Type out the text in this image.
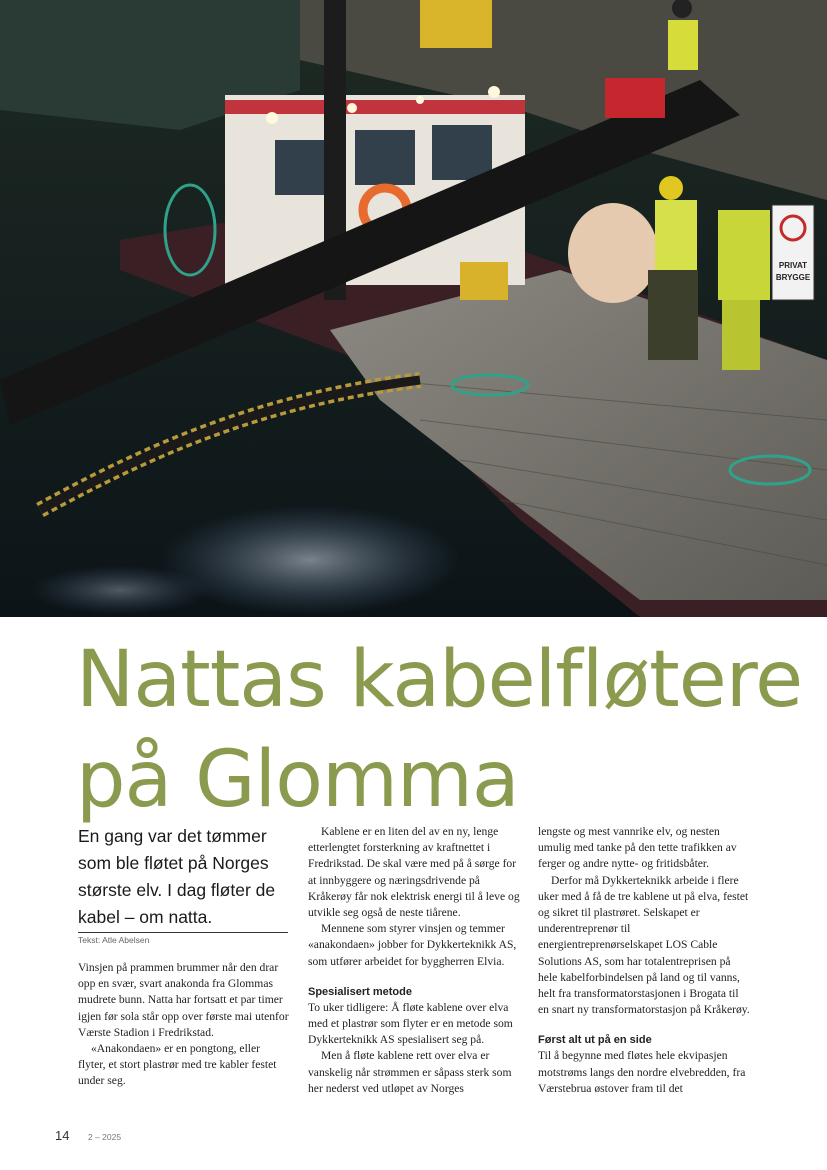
PRIVAT
BRYGGE
Nattas kabelfløtere
på Glomma

En gang var det tømmer som ble fløtet på Norges største elv. I dag fløter de kabel – om natta.

Tekst: Atle Abelsen

Vinsjen på prammen brummer når den drar opp en svær, svart anakonda fra Glommas mudrete bunn. Natta har fortsatt et par timer igjen før sola står opp over første mai utenfor Værste Stadion i Fredrikstad.

«Anakondaen» er en pongtong, eller flyter, et stort plastrør med tre kabler festet under seg.

Kablene er en liten del av en ny, lenge etterlengtet forsterkning av kraftnettet i Fredrikstad. De skal være med på å sørge for at innbyggere og næringsdrivende på Kråkerøy får nok elektrisk energi til å leve og utvikle seg også de neste tiårene.

Mennene som styrer vinsjen og temmer «anakondaen» jobber for Dykkerteknikk AS, som utfører arbeidet for byggherren Elvia.

Spesialisert metode

To uker tidligere: Å fløte kablene over elva med et plastrør som flyter er en metode som Dykkerteknikk AS spesialisert seg på.

Men å fløte kablene rett over elva er vanskelig når strømmen er såpass sterk som her nederst ved utløpet av Norges

lengste og mest vannrike elv, og nesten umulig med tanke på den tette trafikken av ferger og andre nytte- og fritidsbåter.

Derfor må Dykkerteknikk arbeide i flere uker med å få de tre kablene ut på elva, festet og sikret til plastrøret. Selskapet er underentreprenør til energientreprenørselskapet LOS Cable Solutions AS, som har totalentreprisen på hele kabelforbindelsen på land og til vanns, helt fra transformatorstasjonen i Brogata til en snart ny transformatorstasjon på Kråkerøy.

Først alt ut på en side

Til å begynne med fløtes hele ekvipasjen motstrøms langs den nordre elvebredden, fra Værstebrua østover fram til det

14 2 – 2025
